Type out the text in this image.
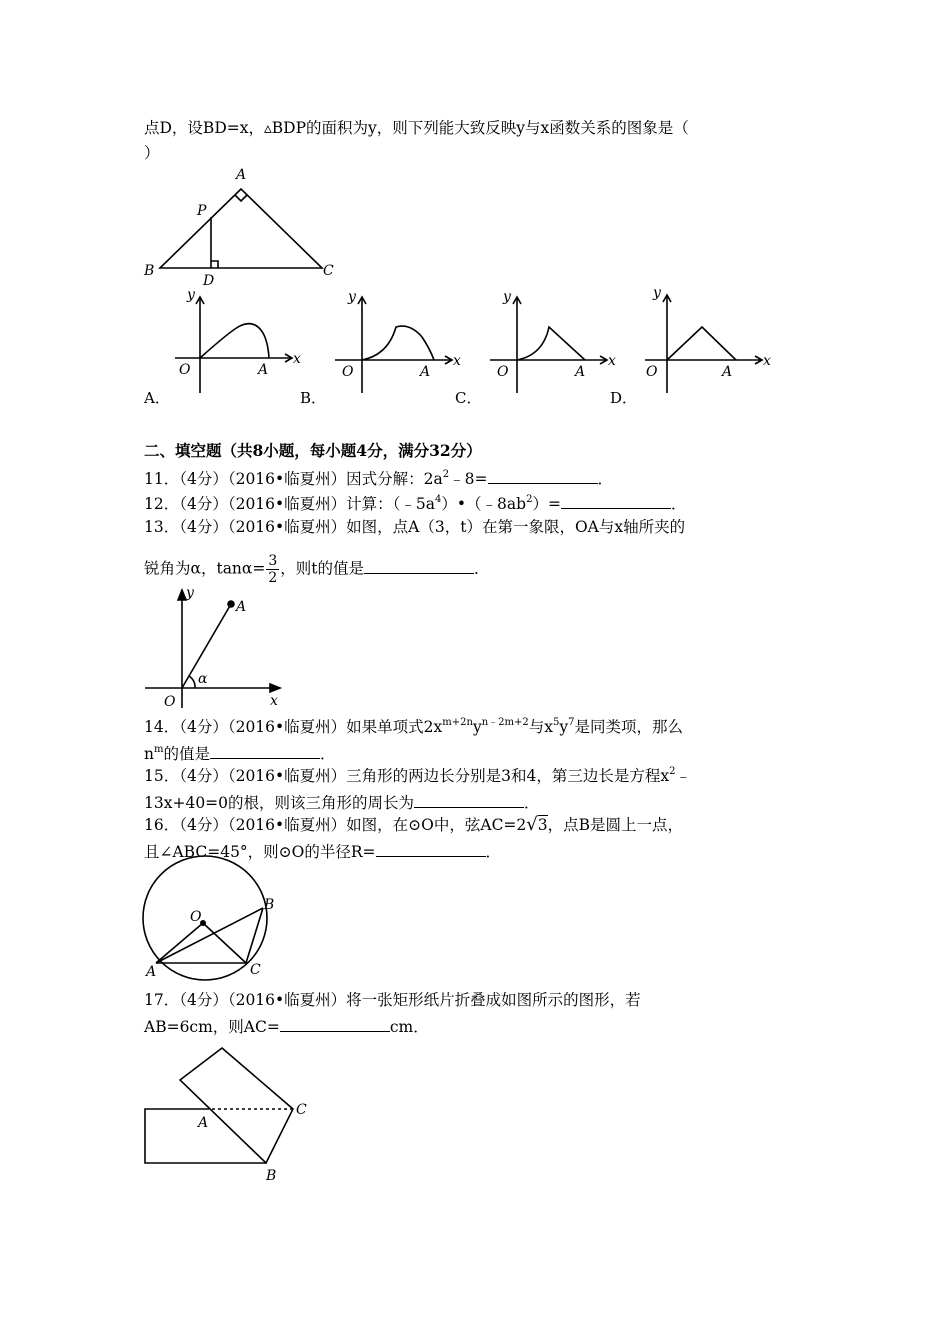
点D，设BD=x，▵BDP的面积为y，则下列能大致反映y与x函数关系的图象是（
）
A
P
B
D
C
y
x
O	A
y
x
O	A
y
x
O	A
y
x
O	A
A．	B．	C．	D．
二、填空题（共8小题，每小题4分，满分32分）
11．（4分）（2016•临夏州）因式分解：$2a^2﹣8=$	．
12．（4分）（2016•临夏州）计算：$(﹣5a^4)•(﹣8ab^2)=$	．
13．（4分）（2016•临夏州）如图，点A（3，t）在第一象限，OA与x轴所夹的
锐角为α，$\tan\alpha= \frac{3}{2}$ ，则t的值是	．
y
A
α
O	x
14．（4分）（2016•临夏州）如果单项式$2x^{m+2n}y^{n﹣2m+2}$与$x^5y^7$是同类项，那么
$n^m$的值是	．
15．（4分）（2016•临夏州）三角形的两边长分别是3和4，第三边长是方程$x^2﹣$
13x+40=0的根，则该三角形的周长为	．
16．（4分）（2016•临夏州）如图，在⊙O中，弦AC=2√3，点B是圆上一点，
且∠ABC=45°，则⊙O的半径R=	．
O
B
A	C
17．（4分）（2016•临夏州）将一张矩形纸片折叠成如图所示的图形，若
AB=6cm，则AC=	cm．
A
C
B
